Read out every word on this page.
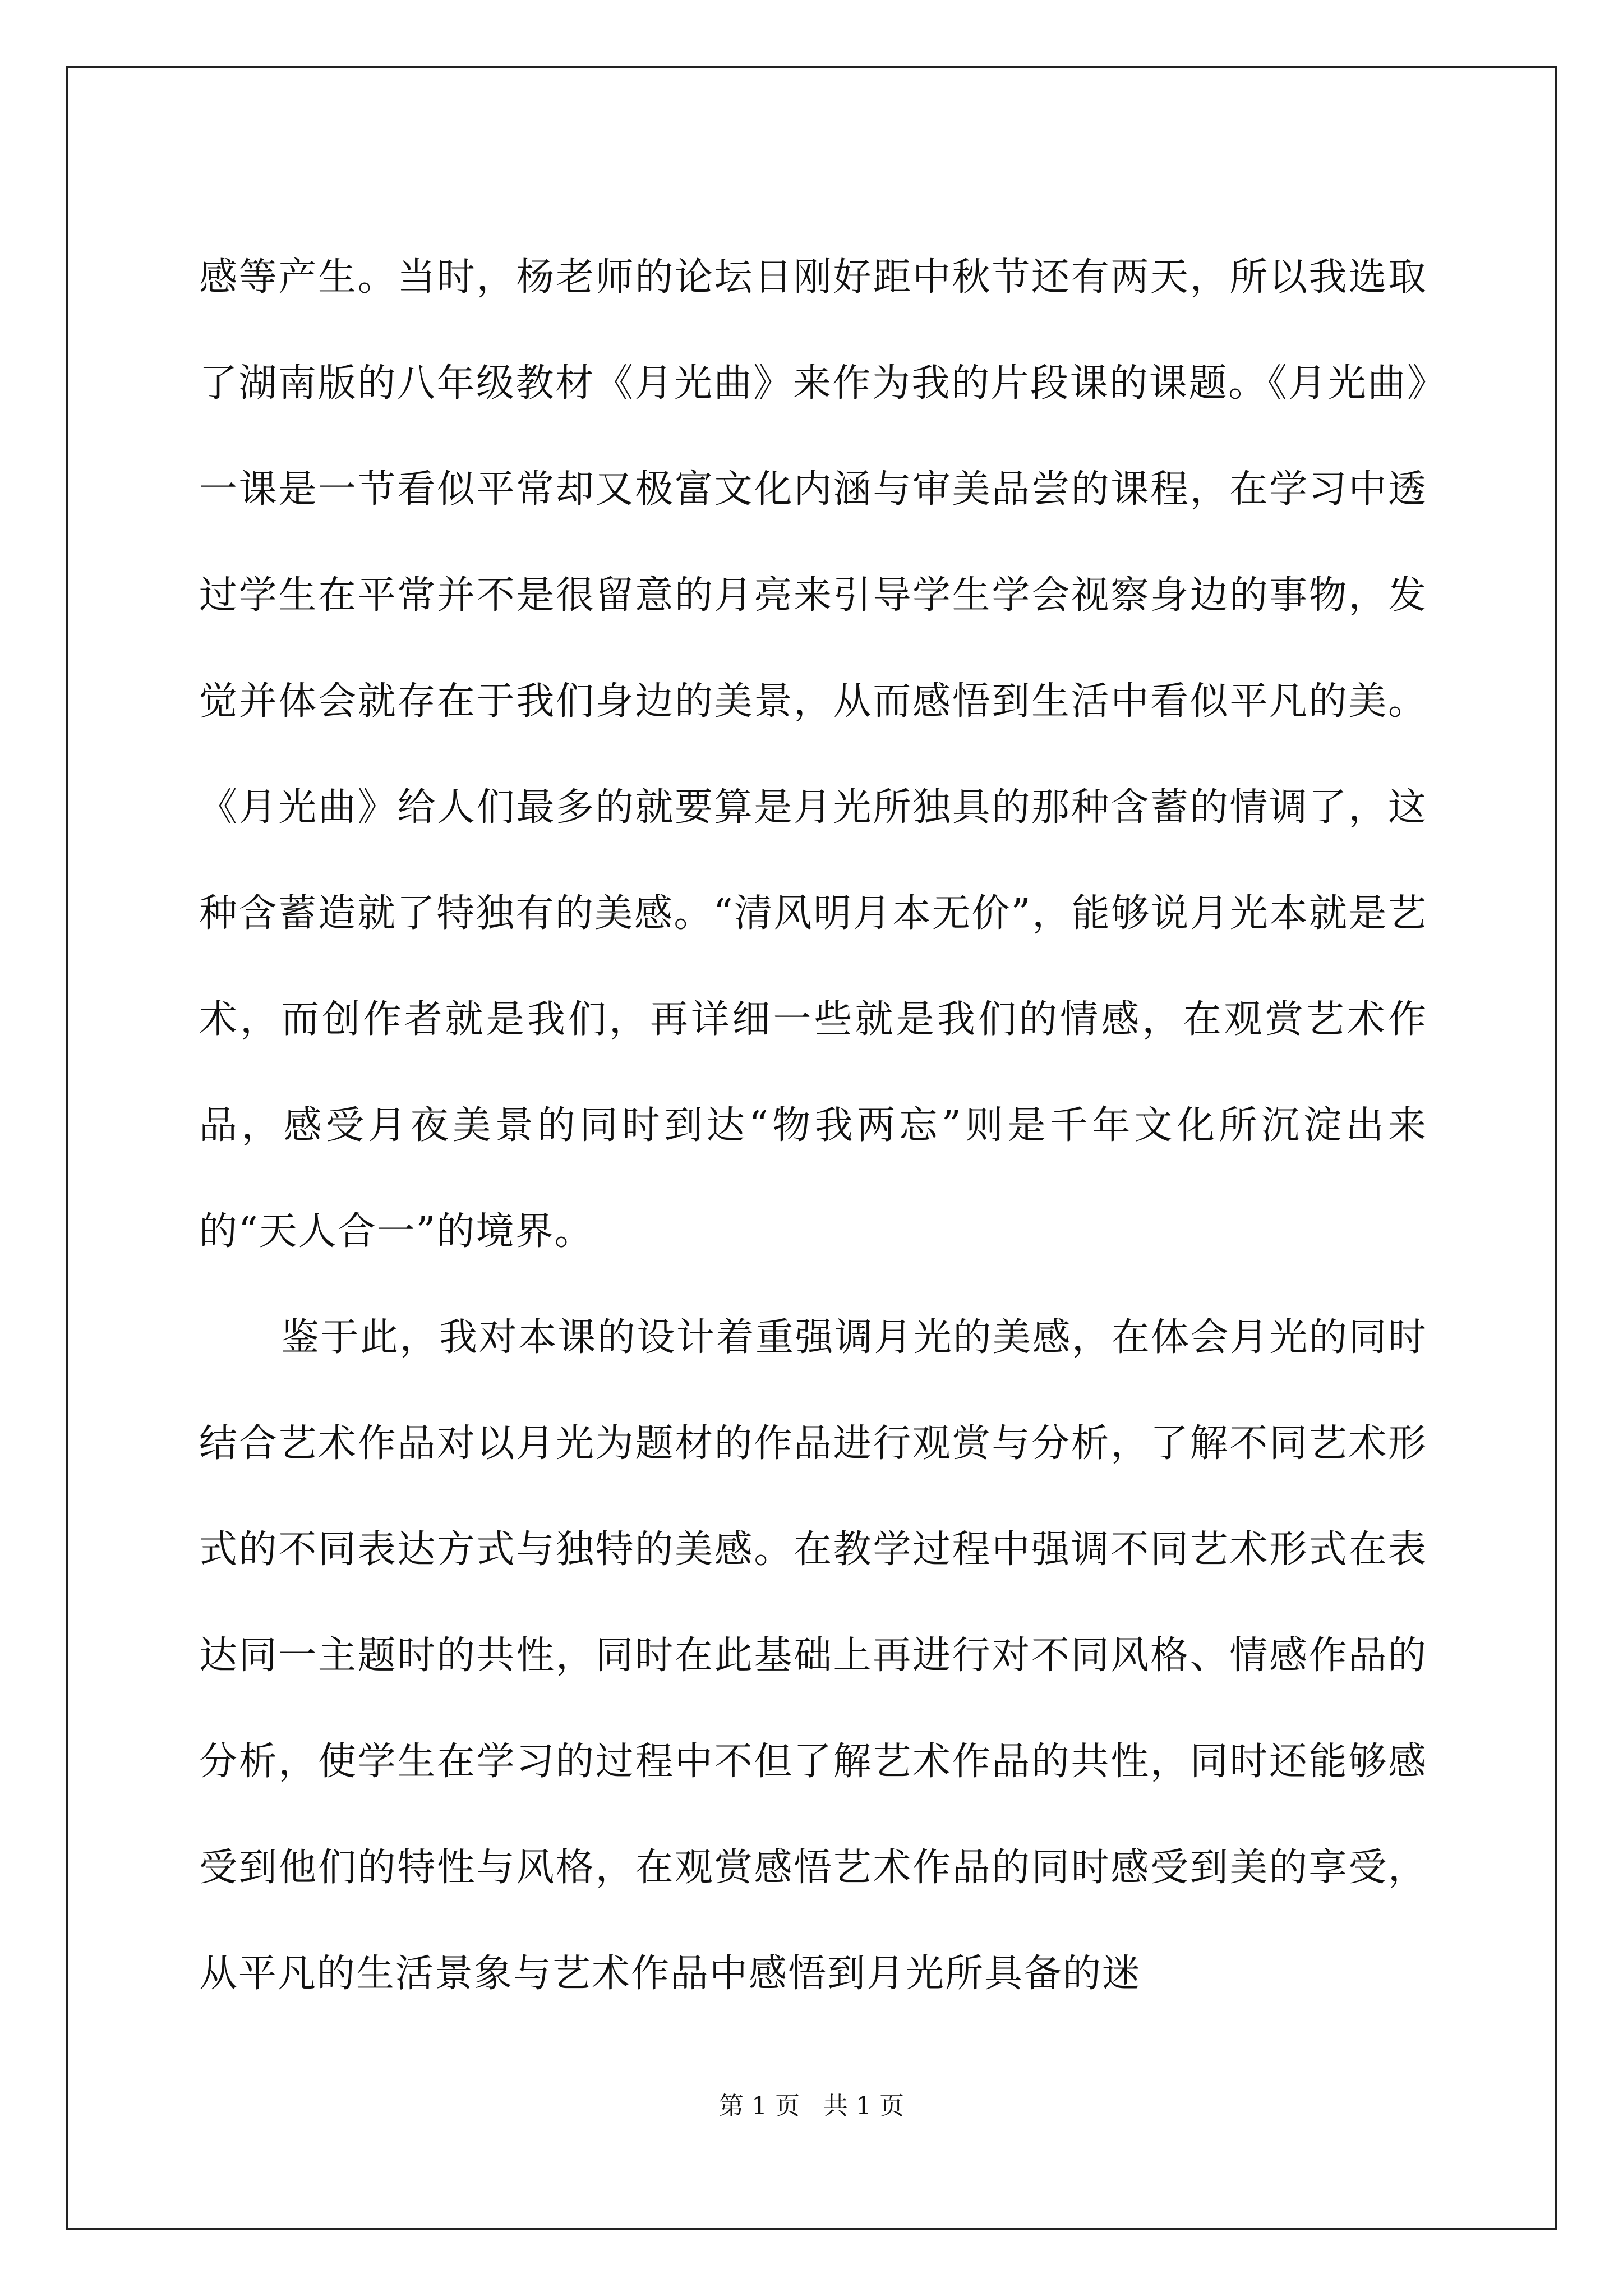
感等产生。当时，杨老师的论坛日刚好距中秋节还有两天，所以我选取了湖南版的八年级教材《月光曲》来作为我的片段课的课题。《月光曲》一课是一节看似平常却又极富文化内涵与审美品尝的课程，在学习中透过学生在平常并不是很留意的月亮来引导学生学会视察身边的事物，发觉并体会就存在于我们身边的美景，从而感悟到生活中看似平凡的美。《月光曲》给人们最多的就要算是月光所独具的那种含蓄的情调了，这种含蓄造就了特独有的美感。“清风明月本无价”，能够说月光本就是艺术，而创作者就是我们，再详细一些就是我们的情感，在观赏艺术作品，感受月夜美景的同时到达“物我两忘”则是千年文化所沉淀出来的“天人合一”的境界。

鉴于此，我对本课的设计着重强调月光的美感，在体会月光的同时结合艺术作品对以月光为题材的作品进行观赏与分析，了解不同艺术形式的不同表达方式与独特的美感。在教学过程中强调不同艺术形式在表达同一主题时的共性，同时在此基础上再进行对不同风格、情感作品的分析，使学生在学习的过程中不但了解艺术作品的共性，同时还能够感受到他们的特性与风格，在观赏感悟艺术作品的同时感受到美的享受，从平凡的生活景象与艺术作品中感悟到月光所具备的迷

第 1 页 共 1 页
